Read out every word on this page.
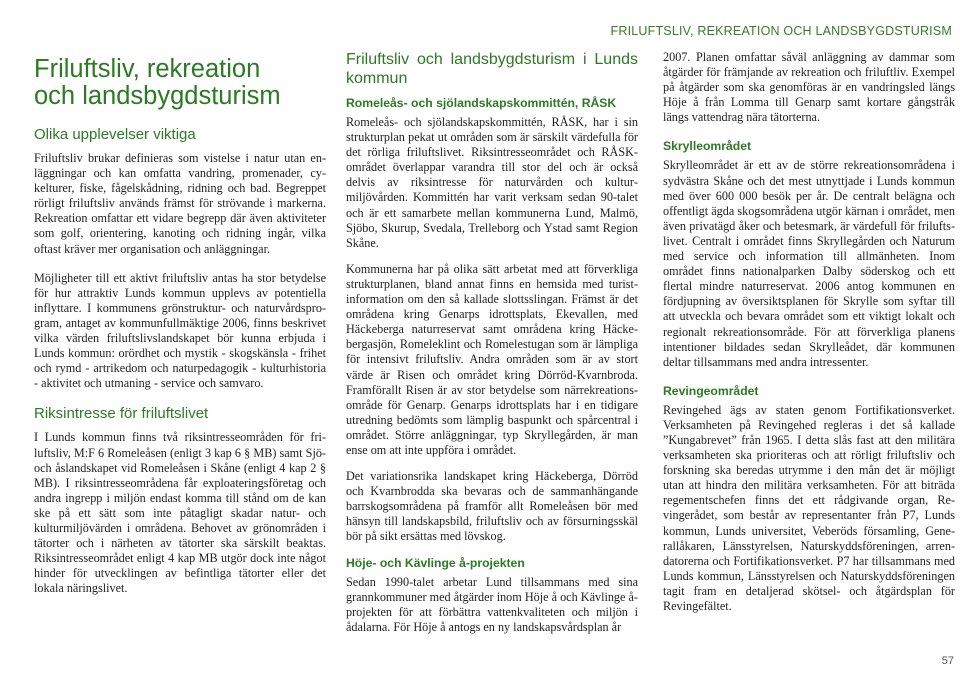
FRILUFTSLIV, REKREATION OCH LANDSBYGDSTURISM
Friluftsliv, rekreation
och landsbygdsturism
Olika upplevelser viktiga

Friluftsliv brukar definieras som vistelse i natur utan enläggningar och kan omfatta vandring, promenader, cykelturer, fiske, fågelskådning, ridning och bad. Begreppet rörligt friluftsliv används främst för strövande i markerna. Rekreation omfattar ett vidare begrepp där även aktiviteter som golf, orientering, kanoting och ridning ingår, vilka oftast kräver mer organisation och anläggningar.

Möjligheter till ett aktivt friluftsliv antas ha stor betydelse för hur attraktiv Lunds kommun upplevs av potentiella inflyttare. I kommunens grönstruktur- och naturvårdsprogram, antaget av kommunfullmäktige 2006, finns beskrivet vilka värden friluftslivslandskapet bör kunna erbjuda i Lunds kommun: orördhet och mystik - skogskänsla - frihet och rymd - artrikedom och naturpedagogik - kulturhistoria - aktivitet och utmaning - service och samvaro.

Riksintresse för friluftslivet

I Lunds kommun finns två riksintresseområden för friluftsliv, M:F 6 Romeleåsen (enligt 3 kap 6 § MB) samt Sjö- och åslandskapet vid Romeleåsen i Skåne (enligt 4 kap 2 § MB). I riksintresseområdena får exploateringsföretag och andra ingrepp i miljön endast komma till stånd om de kan ske på ett sätt som inte påtagligt skadar natur- och kulturmiljövärden i områdena. Behovet av grönområden i tätorter och i närheten av tätorter ska särskilt beaktas. Riksintresseområdet enligt 4 kap MB utgör dock inte något hinder för utvecklingen av befintliga tätorter eller det lokala näringslivet.

Friluftsliv och landsbygdsturism i Lunds kommun
Romeleås- och sjölandskapskommittén, RÅSK

Romeleås- och sjölandskapskommittén, RÅSK, har i sin strukturplan pekat ut områden som är särskilt värdefulla för det rörliga friluftslivet. Riksintresseområdet och RÅSK-området överlappar varandra till stor del och är också delvis av riksintresse för naturvården och kulturmiljövården. Kommittén har varit verksam sedan 90-talet och är ett samarbete mellan kommunerna Lund, Malmö, Sjöbo, Skurup, Svedala, Trelleborg och Ystad samt Region Skåne.

Kommunerna har på olika sätt arbetat med att förverkliga strukturplanen, bland annat finns en hemsida med turistinformation om den så kallade slottsslingan. Främst är det områdena kring Genarps idrottsplats, Ekevallen, med Häckeberga naturreservat samt områdena kring Häckebergasjön, Romeleklint och Romelestugan som är lämpliga för intensivt friluftsliv. Andra områden som är av stort värde är Risen och området kring Dörröd-Kvarnbroda. Framförallt Risen är av stor betydelse som närrekreationsområde för Genarp. Genarps idrottsplats har i en tidigare utredning bedömts som lämplig baspunkt och spårcentral i området. Större anläggningar, typ Skryllegården, är man ense om att inte uppföra i området.

Det variationsrika landskapet kring Häckeberga, Dörröd och Kvarnbrodda ska bevaras och de sammanhängande barrskogsområdena på framför allt Romeleåsen bör med hänsyn till landskapsbild, friluftsliv och av försurningsskäl bör på sikt ersättas med lövskog.

Höje- och Kävlinge å-projekten

Sedan 1990-talet arbetar Lund tillsammans med sina grannkommuner med åtgärder inom Höje å och Kävlinge å-projekten för att förbättra vattenkvaliteten och miljön i ådalarna. För Höje å antogs en ny landskapsvårdsplan år

2007. Planen omfattar såväl anläggning av dammar som åtgärder för främjande av rekreation och friluftliv. Exempel på åtgärder som ska genomföras är en vandringsled längs Höje å från Lomma till Genarp samt kortare gångstråk längs vattendrag nära tätorterna.

Skrylleområdet

Skrylleområdet är ett av de större rekreationsområdena i sydvästra Skåne och det mest utnyttjade i Lunds kommun med över 600 000 besök per år. De centralt belägna och offentligt ägda skogsområdena utgör kärnan i området, men även privatägd åker och betesmark, är värdefull för friluftslivet. Centralt i området finns Skryllegården och Naturum med service och information till allmänheten. Inom området finns nationalparken Dalby söderskog och ett flertal mindre naturreservat. 2006 antog kommunen en fördjupning av översiktsplanen för Skrylle som syftar till att utveckla och bevara området som ett viktigt lokalt och regionalt rekreationsområde. För att förverkliga planens intentioner bildades sedan Skrylleådet, där kommunen deltar tillsammans med andra intressenter.

Revingeområdet

Revingehed ägs av staten genom Fortifikationsverket. Verksamheten på Revingehed regleras i det så kallade ”Kungabrevet” från 1965. I detta slås fast att den militära verksamheten ska prioriteras och att rörligt friluftsliv och forskning ska beredas utrymme i den mån det är möjligt utan att hindra den militära verksamheten. För att biträda regementschefen finns det ett rådgivande organ, Revingerådet, som består av representanter från P7, Lunds kommun, Lunds universitet, Veberöds församling, Generallåkaren, Länsstyrelsen, Naturskyddsföreningen, arrendatorerna och Fortifikationsverket. P7 har tillsammans med Lunds kommun, Länsstyrelsen och Naturskyddsföreningen tagit fram en detaljerad skötsel- och åtgärdsplan för Revingefältet.

57
